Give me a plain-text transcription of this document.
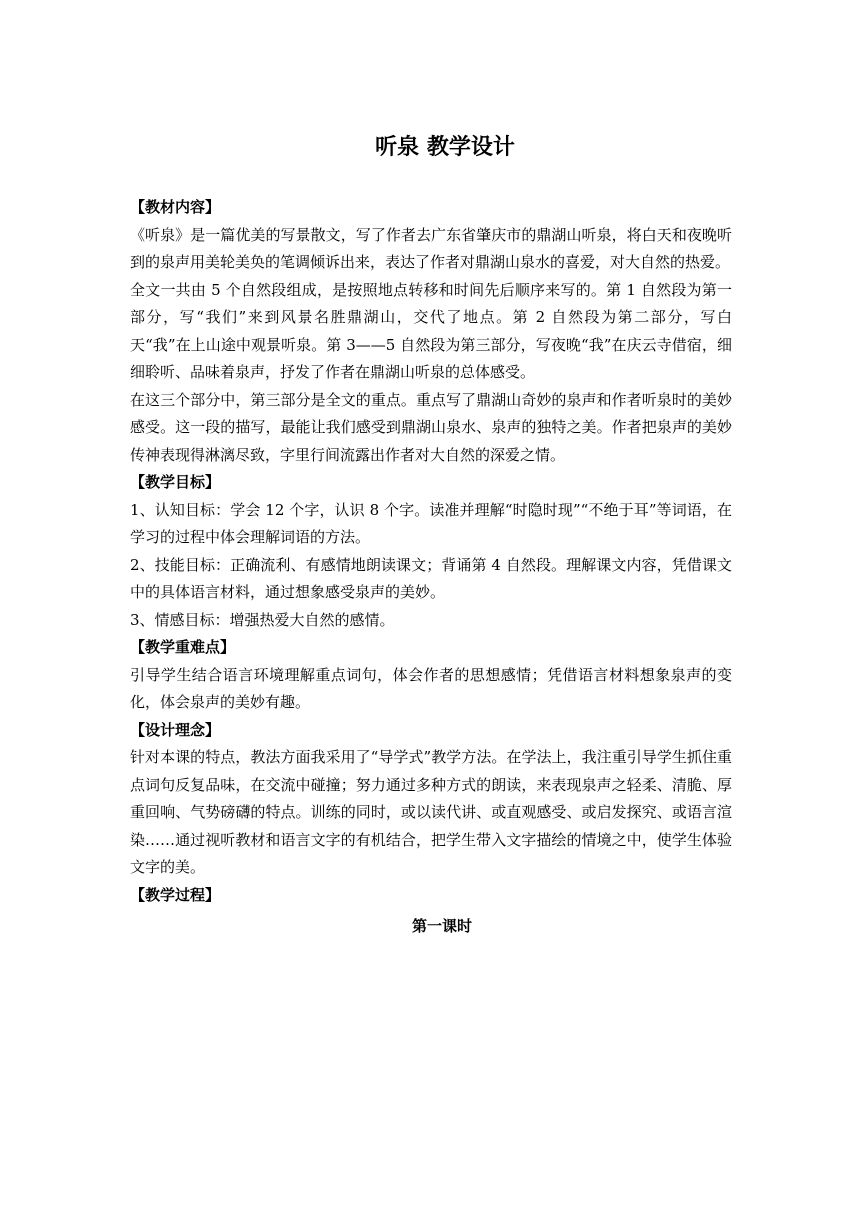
听泉 教学设计

【教材内容】

《听泉》是一篇优美的写景散文，写了作者去广东省肇庆市的鼎湖山听泉，将白天和夜晚听到的泉声用美轮美奂的笔调倾诉出来，表达了作者对鼎湖山泉水的喜爱，对大自然的热爱。

全文一共由 5 个自然段组成，是按照地点转移和时间先后顺序来写的。第 1 自然段为第一部分，写“我们”来到风景名胜鼎湖山，交代了地点。第 2 自然段为第二部分，写白天“我”在上山途中观景听泉。第 3——5 自然段为第三部分，写夜晚“我”在庆云寺借宿，细细聆听、品味着泉声，抒发了作者在鼎湖山听泉的总体感受。

在这三个部分中，第三部分是全文的重点。重点写了鼎湖山奇妙的泉声和作者听泉时的美妙感受。这一段的描写，最能让我们感受到鼎湖山泉水、泉声的独特之美。作者把泉声的美妙传神表现得淋漓尽致，字里行间流露出作者对大自然的深爱之情。

【教学目标】

1、认知目标：学会 12 个字，认识 8 个字。读准并理解“时隐时现”“不绝于耳”等词语，在学习的过程中体会理解词语的方法。

2、技能目标：正确流利、有感情地朗读课文；背诵第 4 自然段。理解课文内容，凭借课文中的具体语言材料，通过想象感受泉声的美妙。

3、情感目标：增强热爱大自然的感情。

【教学重难点】

引导学生结合语言环境理解重点词句，体会作者的思想感情；凭借语言材料想象泉声的变化，体会泉声的美妙有趣。

【设计理念】

针对本课的特点，教法方面我采用了“导学式”教学方法。在学法上，我注重引导学生抓住重点词句反复品味，在交流中碰撞；努力通过多种方式的朗读，来表现泉声之轻柔、清脆、厚重回响、气势磅礴的特点。训练的同时，或以读代讲、或直观感受、或启发探究、或语言渲染……通过视听教材和语言文字的有机结合，把学生带入文字描绘的情境之中，使学生体验文字的美。

【教学过程】

第一课时
